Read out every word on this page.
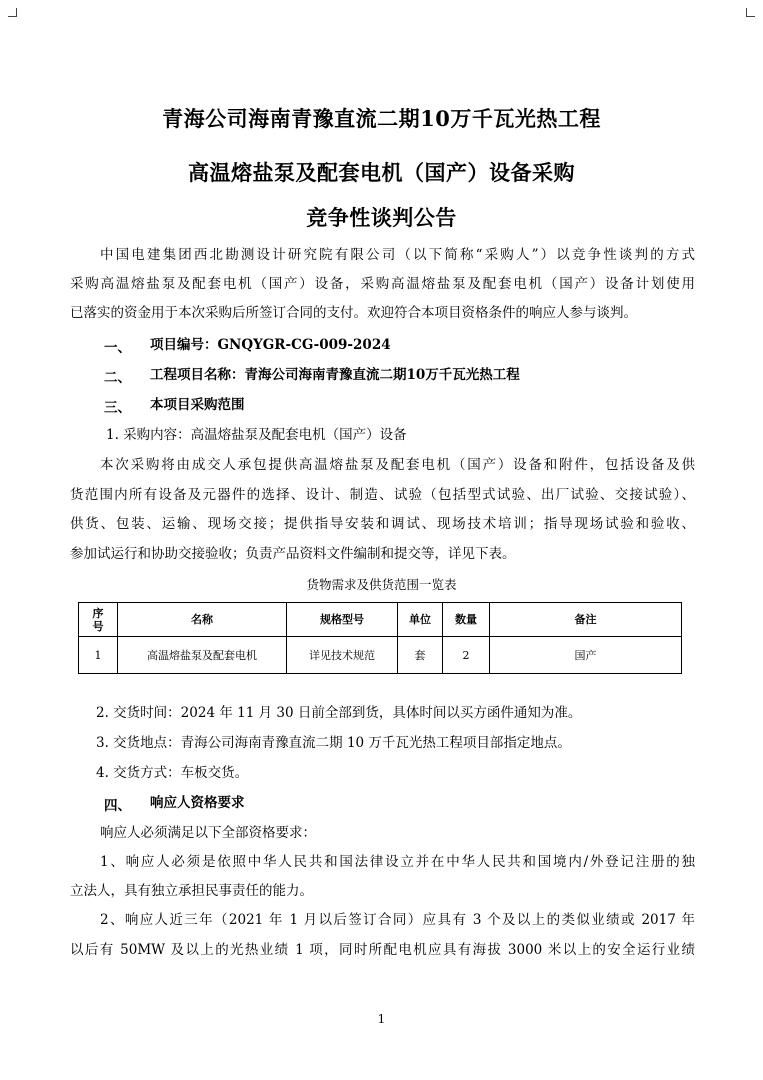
青海公司海南青豫直流二期10万千瓦光热工程
高温熔盐泵及配套电机（国产）设备采购
竞争性谈判公告
中国电建集团西北勘测设计研究院有限公司（以下简称“采购人”）以竞争性谈判的方式
采购高温熔盐泵及配套电机（国产）设备，采购高温熔盐泵及配套电机（国产）设备计划使用
已落实的资金用于本次采购后所签订合同的支付。欢迎符合本项目资格条件的响应人参与谈判。
一、 项目编号：GNQYGR-CG-009-2024
二、 工程项目名称：青海公司海南青豫直流二期10万千瓦光热工程
三、 本项目采购范围
1. 采购内容：高温熔盐泵及配套电机（国产）设备
本次采购将由成交人承包提供高温熔盐泵及配套电机（国产）设备和附件，包括设备及供
货范围内所有设备及元器件的选择、设计、制造、试验（包括型式试验、出厂试验、交接试验）、
供货、包装、运输、现场交接；提供指导安装和调试、现场技术培训；指导现场试验和验收、
参加试运行和协助交接验收；负责产品资料文件编制和提交等，详见下表。
货物需求及供货范围一览表
序
号	名称	规格型号	单位	数量	备注
1	高温熔盐泵及配套电机	详见技术规范	套	2	国产
2. 交货时间：2024 年 11 月 30 日前全部到货，具体时间以买方函件通知为准。
3. 交货地点：青海公司海南青豫直流二期 10 万千瓦光热工程项目部指定地点。
4. 交货方式：车板交货。
四、 响应人资格要求
响应人必须满足以下全部资格要求：
1、响应人必须是依照中华人民共和国法律设立并在中华人民共和国境内/外登记注册的独
立法人，具有独立承担民事责任的能力。
2、响应人近三年（2021 年 1 月以后签订合同）应具有 3 个及以上的类似业绩或 2017 年
以后有 50MW 及以上的光热业绩 1 项，同时所配电机应具有海拔 3000 米以上的安全运行业绩
1
